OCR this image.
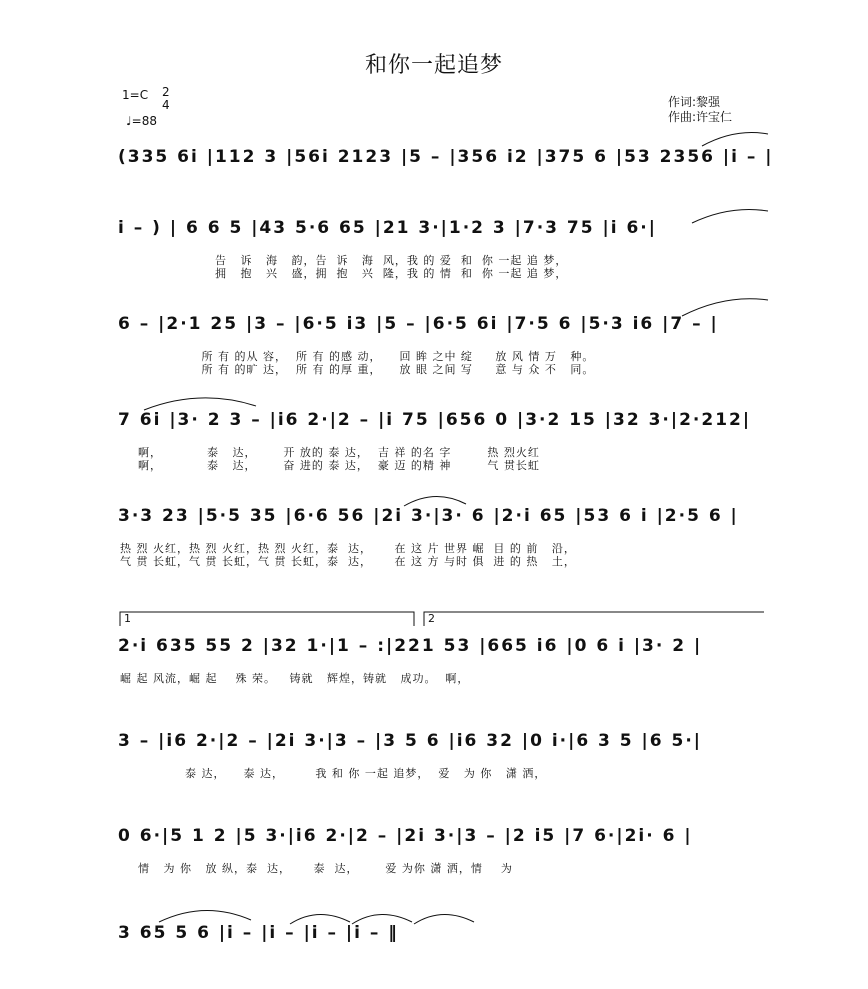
和你一起追梦
1=C 2
4
♩=88
作词:黎强
作曲:许宝仁
(335 6i |112 3 |56i 2123 |5 – |356 i2 |375 6 |53 2356 |i – |
i – ) | 6 6 5 |43 5·6 65 |21 3·|1·2 3 |7·3 75 |i 6·|
告   诉   海   韵，告  诉   海  风，我 的 爱  和  你 一起 追 梦，
拥   抱   兴   盛，拥  抱   兴  隆，我 的 情  和  你 一起 追 梦，
6 – |2·1 25 |3 – |6·5 i3 |5 – |6·5 6i |7·5 6 |5·3 i6 |7 – |
所 有 的从 容，  所 有 的感 动，    回 眸 之中 绽     放 风 情 万   种。
所 有 的旷 达，  所 有 的厚 重，    放 眼 之间 写     意 与 众 不   同。
7 6i |3· 2 3 – |i6 2·|2 – |i 75 |656 0 |3·2 15 |32 3·|2·212|
啊，          泰   达，      开 放的 泰 达，  吉 祥 的名 字        热 烈火红
啊，          泰   达，      奋 进的 泰 达，  豪 迈 的精 神        气 贯长虹
3·3 23 |5·5 35 |6·6 56 |2i 3·|3· 6 |2·i 65 |53 6 i |2·5 6 |
热 烈 火红，热 烈 火红，热 烈 火红，泰  达，     在 这 片 世界 崛  目 的 前   沿，
气 贯 长虹，气 贯 长虹，气 贯 长虹，泰  达，     在 这 方 与时 俱  进 的 热   土，
1	2
2·i 635 55 2 |32 1·|1 – :|221 53 |665 i6 |0 6 i |3· 2 |
崛 起 风流，崛 起    殊 荣。   铸就   辉煌，铸就   成功。  啊，
3 – |i6 2·|2 – |2i 3·|3 – |3 5 6 |i6 32 |0 i·|6 3 5 |6 5·|
泰 达，    泰 达，       我 和 你 一起 追梦，  爱   为 你   潇 洒，
0 6·|5 1 2 |5 3·|i6 2·|2 – |2i 3·|3 – |2 i5 |7 6·|2i· 6 |
情   为 你   放 纵，泰  达，     泰  达，      爱 为你 潇 洒，情    为
3 65 5 6 |i – |i – |i – |i – ‖
